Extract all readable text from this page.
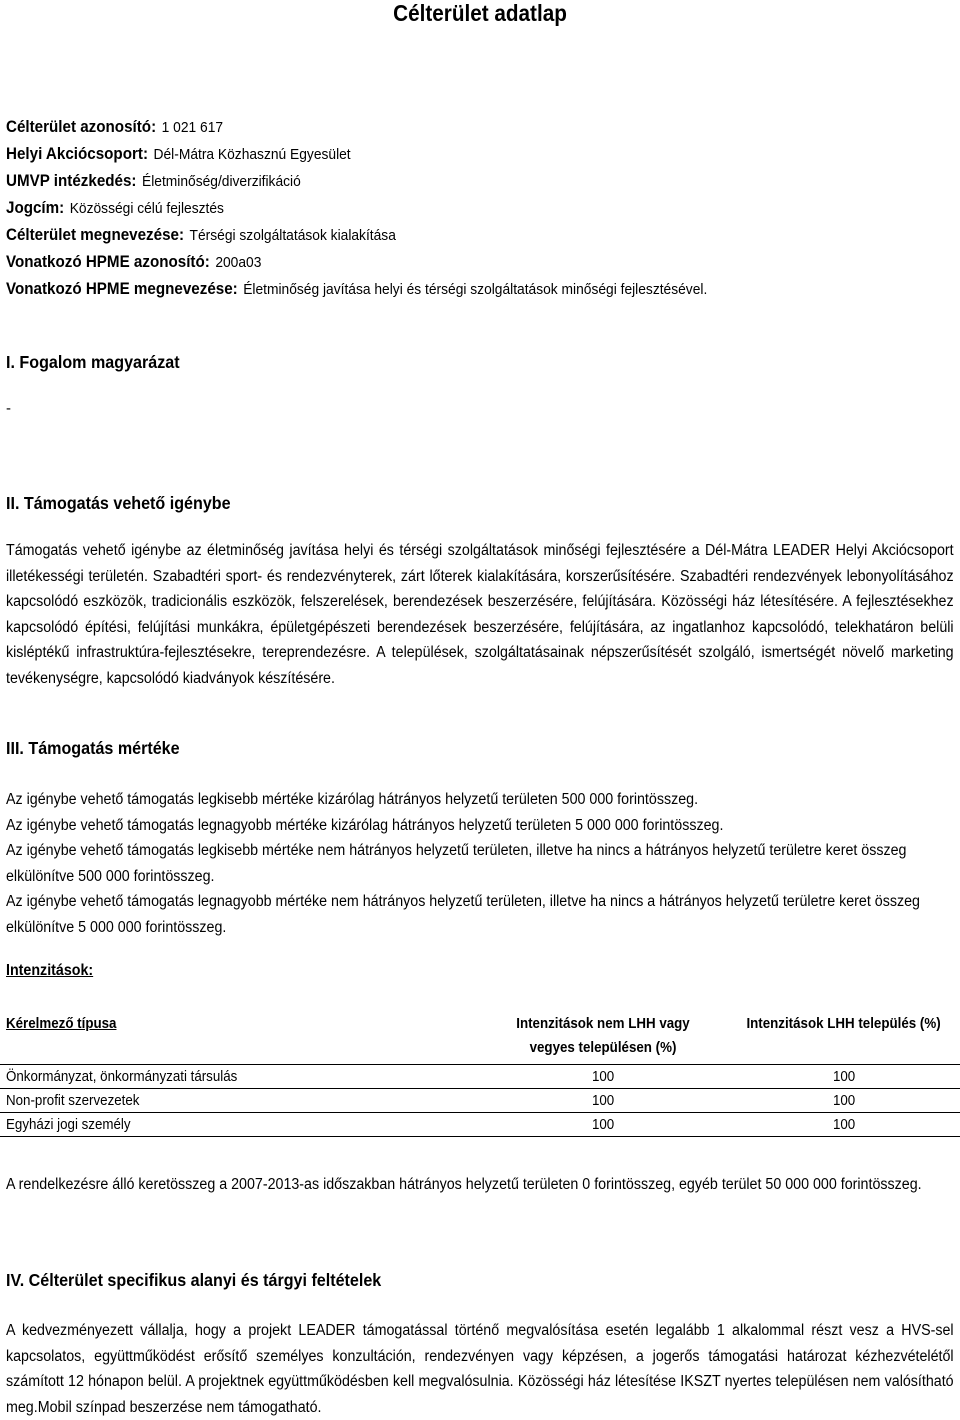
Célterület adatlap
Célterület azonosító: 1 021 617
Helyi Akciócsoport: Dél-Mátra Közhasznú Egyesület
UMVP intézkedés: Életminőség/diverzifikáció
Jogcím: Közösségi célú fejlesztés
Célterület megnevezése: Térségi szolgáltatások kialakítása
Vonatkozó HPME azonosító: 200a03
Vonatkozó HPME megnevezése: Életminőség javítása helyi és térségi szolgáltatások minőségi fejlesztésével.
I. Fogalom magyarázat
-
II. Támogatás vehető igénybe
Támogatás vehető igénybe az életminőség javítása helyi és térségi szolgáltatások minőségi fejlesztésére a Dél-Mátra LEADER Helyi Akciócsoport illetékességi területén. Szabadtéri sport- és rendezvényterek, zárt lőterek kialakítására, korszerűsítésére. Szabadtéri rendezvények lebonyolításához kapcsolódó eszközök, tradicionális eszközök, felszerelések, berendezések beszerzésére, felújítására. Közösségi ház létesítésére. A fejlesztésekhez kapcsolódó építési, felújítási munkákra, épületgépészeti berendezések beszerzésére, felújítására, az ingatlanhoz kapcsolódó, telekhatáron belüli kisléptékű infrastruktúra-fejlesztésekre, tereprendezésre. A települések, szolgáltatásainak népszerűsítését szolgáló, ismertségét növelő marketing tevékenységre, kapcsolódó kiadványok készítésére.
III. Támogatás mértéke

Az igénybe vehető támogatás legkisebb mértéke kizárólag hátrányos helyzetű területen 500 000 forintösszeg.

Az igénybe vehető támogatás legnagyobb mértéke kizárólag hátrányos helyzetű területen 5 000 000 forintösszeg.

Az igénybe vehető támogatás legkisebb mértéke nem hátrányos helyzetű területen, illetve ha nincs a hátrányos helyzetű területre keret összeg elkülönítve 500 000 forintösszeg.

Az igénybe vehető támogatás legnagyobb mértéke nem hátrányos helyzetű területen, illetve ha nincs a hátrányos helyzetű területre keret összeg elkülönítve 5 000 000 forintösszeg.

Intenzitások:
Kérelmező típusa	Intenzitások nem LHH vagy vegyes településen (%)	Intenzitások LHH település (%)
Önkormányzat, önkormányzati társulás	100	100
Non-profit szervezetek	100	100
Egyházi jogi személy	100	100
A rendelkezésre álló keretösszeg a 2007-2013-as időszakban hátrányos helyzetű területen 0 forintösszeg, egyéb terület 50 000 000 forintösszeg.
IV. Célterület specifikus alanyi és tárgyi feltételek
A kedvezményezett vállalja, hogy a projekt LEADER támogatással történő megvalósítása esetén legalább 1 alkalommal részt vesz a HVS-sel kapcsolatos, együttműködést erősítő személyes konzultáción, rendezvényen vagy képzésen, a jogerős támogatási határozat kézhezvételétől számított 12 hónapon belül. A projektnek együttműködésben kell megvalósulnia. Közösségi ház létesítése IKSZT nyertes településen nem valósítható meg.Mobil színpad beszerzése nem támogatható.
